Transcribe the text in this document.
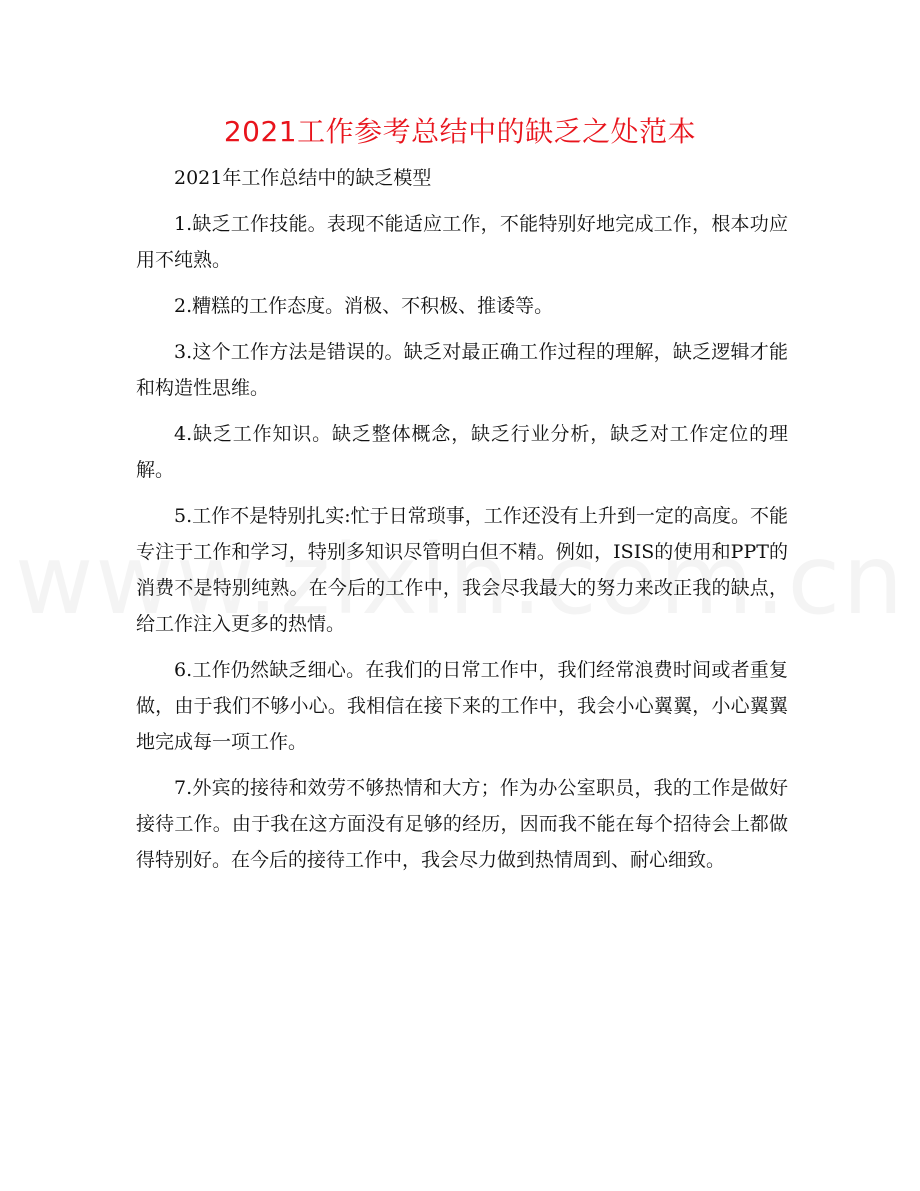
2021工作参考总结中的缺乏之处范本

2021年工作总结中的缺乏模型

1.缺乏工作技能。表现不能适应工作，不能特别好地完成工作，根本功应用不纯熟。

2.糟糕的工作态度。消极、不积极、推诿等。

3.这个工作方法是错误的。缺乏对最正确工作过程的理解，缺乏逻辑才能和构造性思维。

4.缺乏工作知识。缺乏整体概念，缺乏行业分析，缺乏对工作定位的理解。

5.工作不是特别扎实:忙于日常琐事，工作还没有上升到一定的高度。不能专注于工作和学习，特别多知识尽管明白但不精。例如，ISIS的使用和PPT的消费不是特别纯熟。在今后的工作中，我会尽我最大的努力来改正我的缺点，给工作注入更多的热情。

6.工作仍然缺乏细心。在我们的日常工作中，我们经常浪费时间或者重复做，由于我们不够小心。我相信在接下来的工作中，我会小心翼翼，小心翼翼地完成每一项工作。

7.外宾的接待和效劳不够热情和大方；作为办公室职员，我的工作是做好接待工作。由于我在这方面没有足够的经历，因而我不能在每个招待会上都做得特别好。在今后的接待工作中，我会尽力做到热情周到、耐心细致。
